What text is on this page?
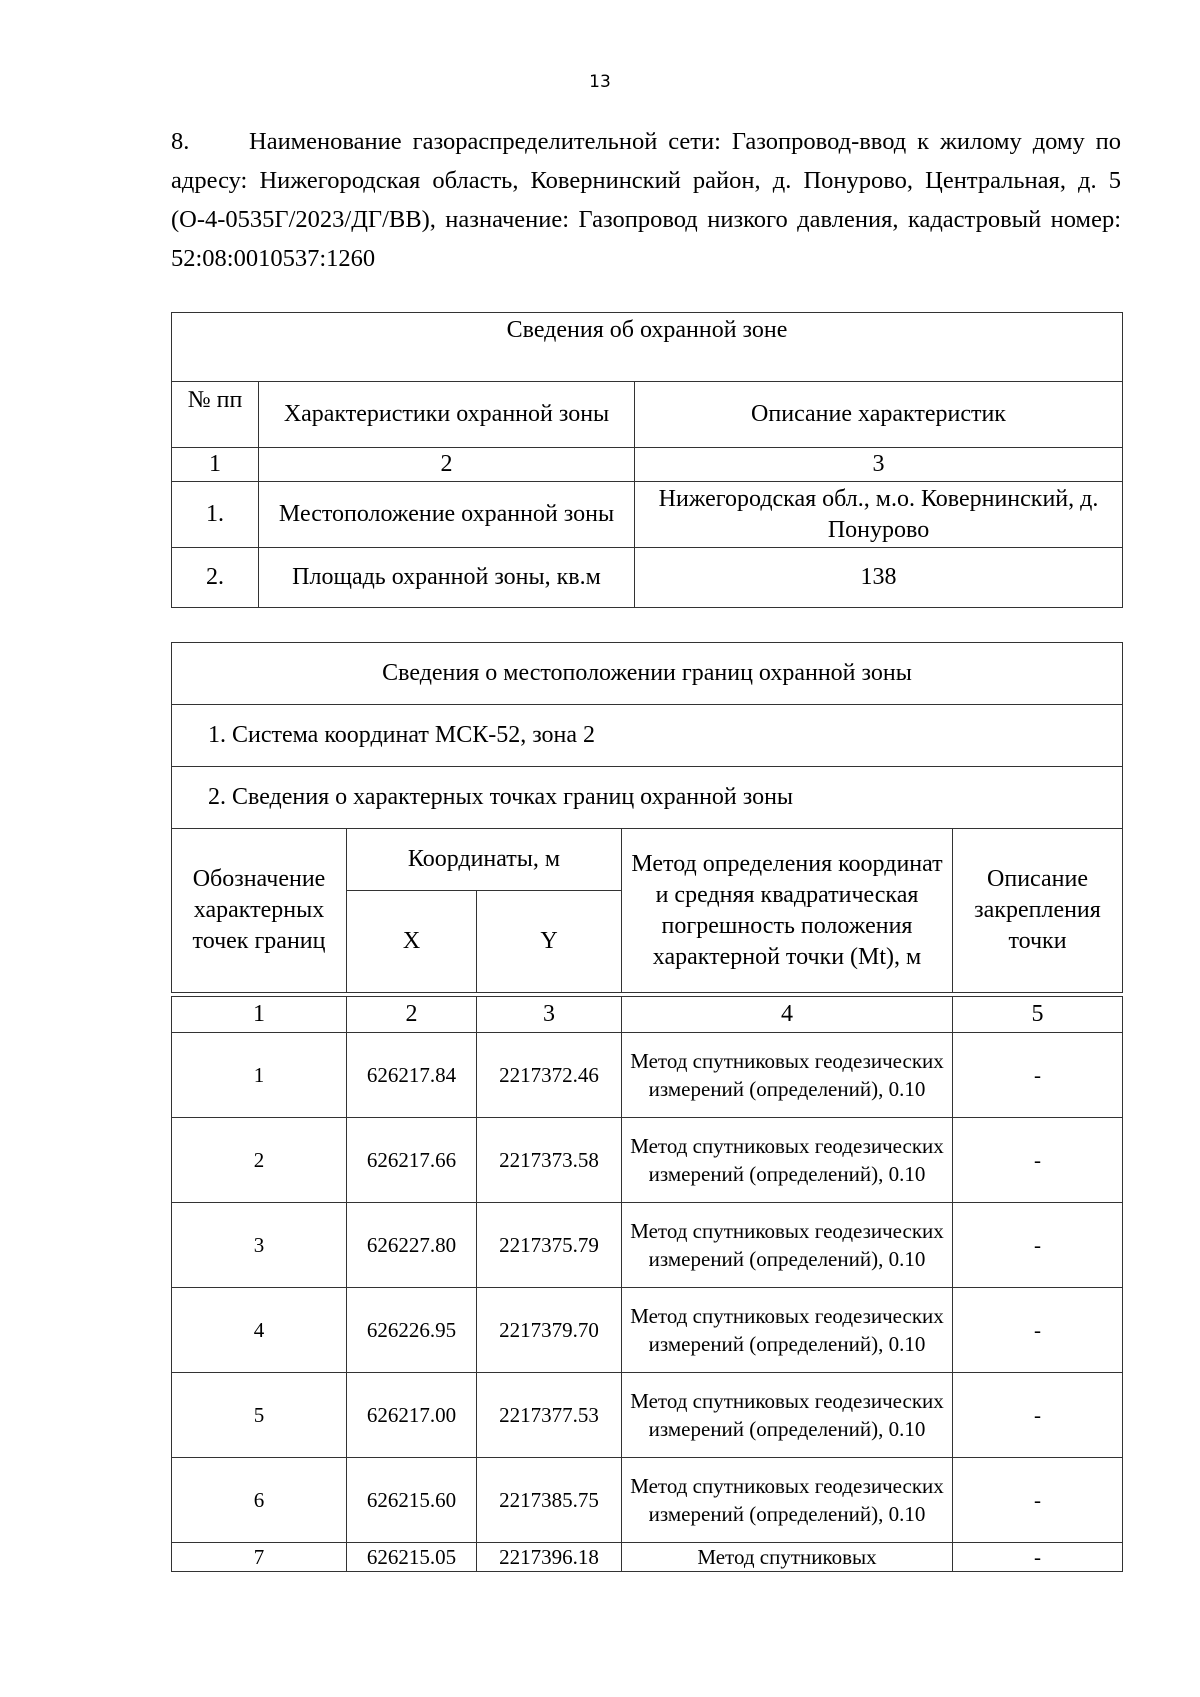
13
8. Наименование газораспределительной сети: Газопровод-ввод к жилому дому по адресу: Нижегородская область, Ковернинский район, д. Понурово, Центральная, д. 5 (О-4-0535Г/2023/ДГ/ВВ), назначение: Газопровод низкого давления, кадастровый номер: 52:08:0010537:1260
Сведения об охранной зоне		
№ пп	Характеристики охранной зоны	Описание характеристик
1	2	3
1.	Местоположение охранной зоны	Нижегородская обл., м.о. Ковернинский, д. Понурово
2.	Площадь охранной зоны, кв.м	138
Сведения о местоположении границ охранной зоны				
1. Система координат МСК-52, зона 2				
2. Сведения о характерных точках границ охранной зоны				
Обозначение характерных точек границ	Координаты, м		Метод определения координат и средняя квадратическая погрешность положения характерной точки (Mt), м	Описание закрепления точки
	X	Y		

1	2	3	4	5
1	626217.84	2217372.46	Метод спутниковых геодезических измерений (определений), 0.10	-
2	626217.66	2217373.58	Метод спутниковых геодезических измерений (определений), 0.10	-
3	626227.80	2217375.79	Метод спутниковых геодезических измерений (определений), 0.10	-
4	626226.95	2217379.70	Метод спутниковых геодезических измерений (определений), 0.10	-
5	626217.00	2217377.53	Метод спутниковых геодезических измерений (определений), 0.10	-
6	626215.60	2217385.75	Метод спутниковых геодезических измерений (определений), 0.10	-
7	626215.05	2217396.18	Метод спутниковых	-
